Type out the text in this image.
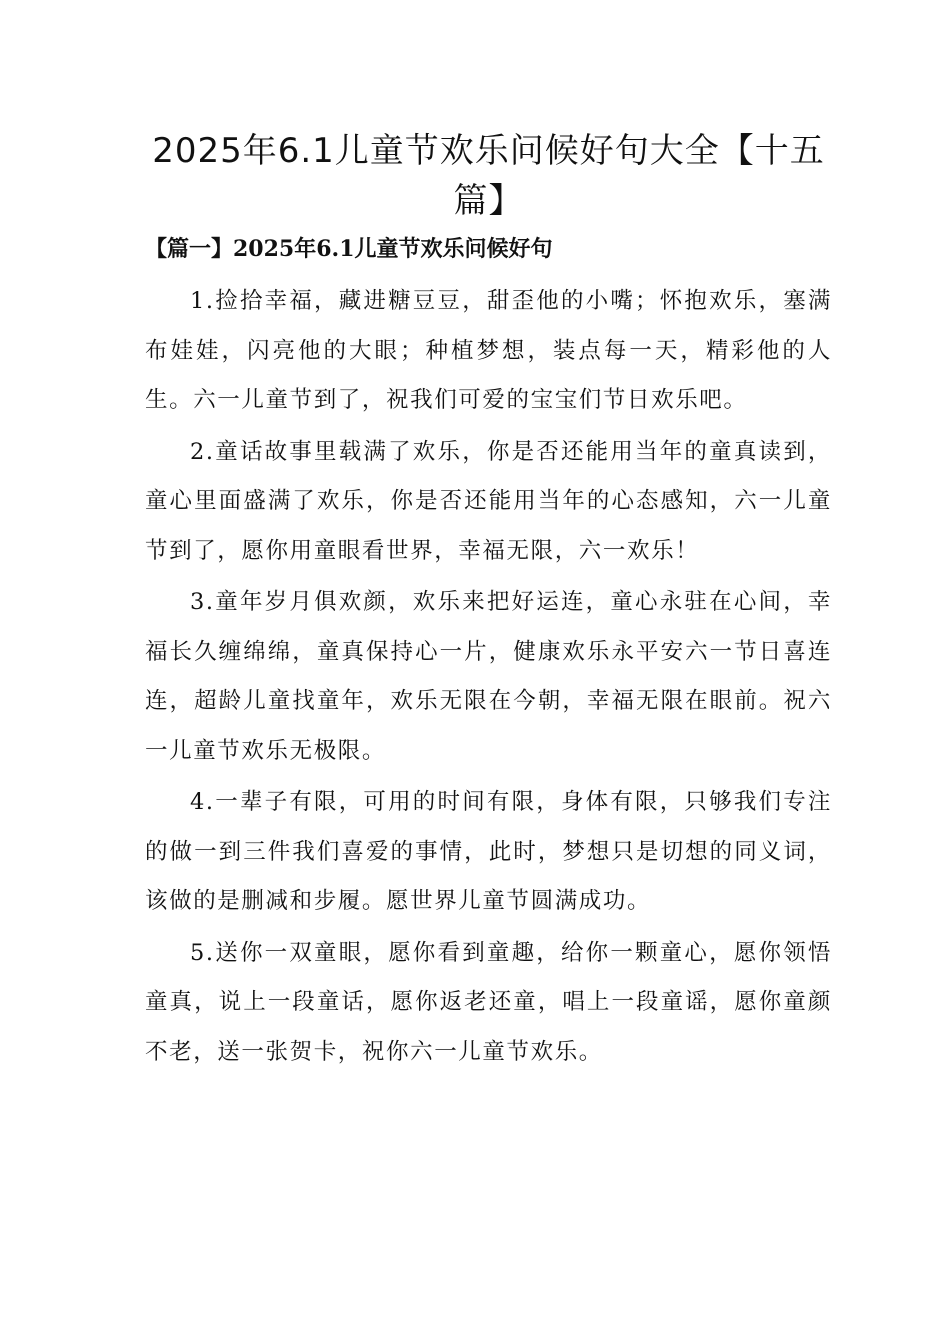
2025年6.1儿童节欢乐问候好句大全【十五篇】
【篇一】2025年6.1儿童节欢乐问候好句

1.捡拾幸福，藏进糖豆豆，甜歪他的小嘴；怀抱欢乐，塞满布娃娃，闪亮他的大眼；种植梦想，装点每一天，精彩他的人生。六一儿童节到了，祝我们可爱的宝宝们节日欢乐吧。

2.童话故事里载满了欢乐，你是否还能用当年的童真读到，童心里面盛满了欢乐，你是否还能用当年的心态感知，六一儿童节到了，愿你用童眼看世界，幸福无限，六一欢乐！

3.童年岁月俱欢颜，欢乐来把好运连，童心永驻在心间，幸福长久缠绵绵，童真保持心一片，健康欢乐永平安六一节日喜连连，超龄儿童找童年，欢乐无限在今朝，幸福无限在眼前。祝六一儿童节欢乐无极限。

4.一辈子有限，可用的时间有限，身体有限，只够我们专注的做一到三件我们喜爱的事情，此时，梦想只是切想的同义词，该做的是删减和步履。愿世界儿童节圆满成功。

5.送你一双童眼，愿你看到童趣，给你一颗童心，愿你领悟童真，说上一段童话，愿你返老还童，唱上一段童谣，愿你童颜不老，送一张贺卡，祝你六一儿童节欢乐。
